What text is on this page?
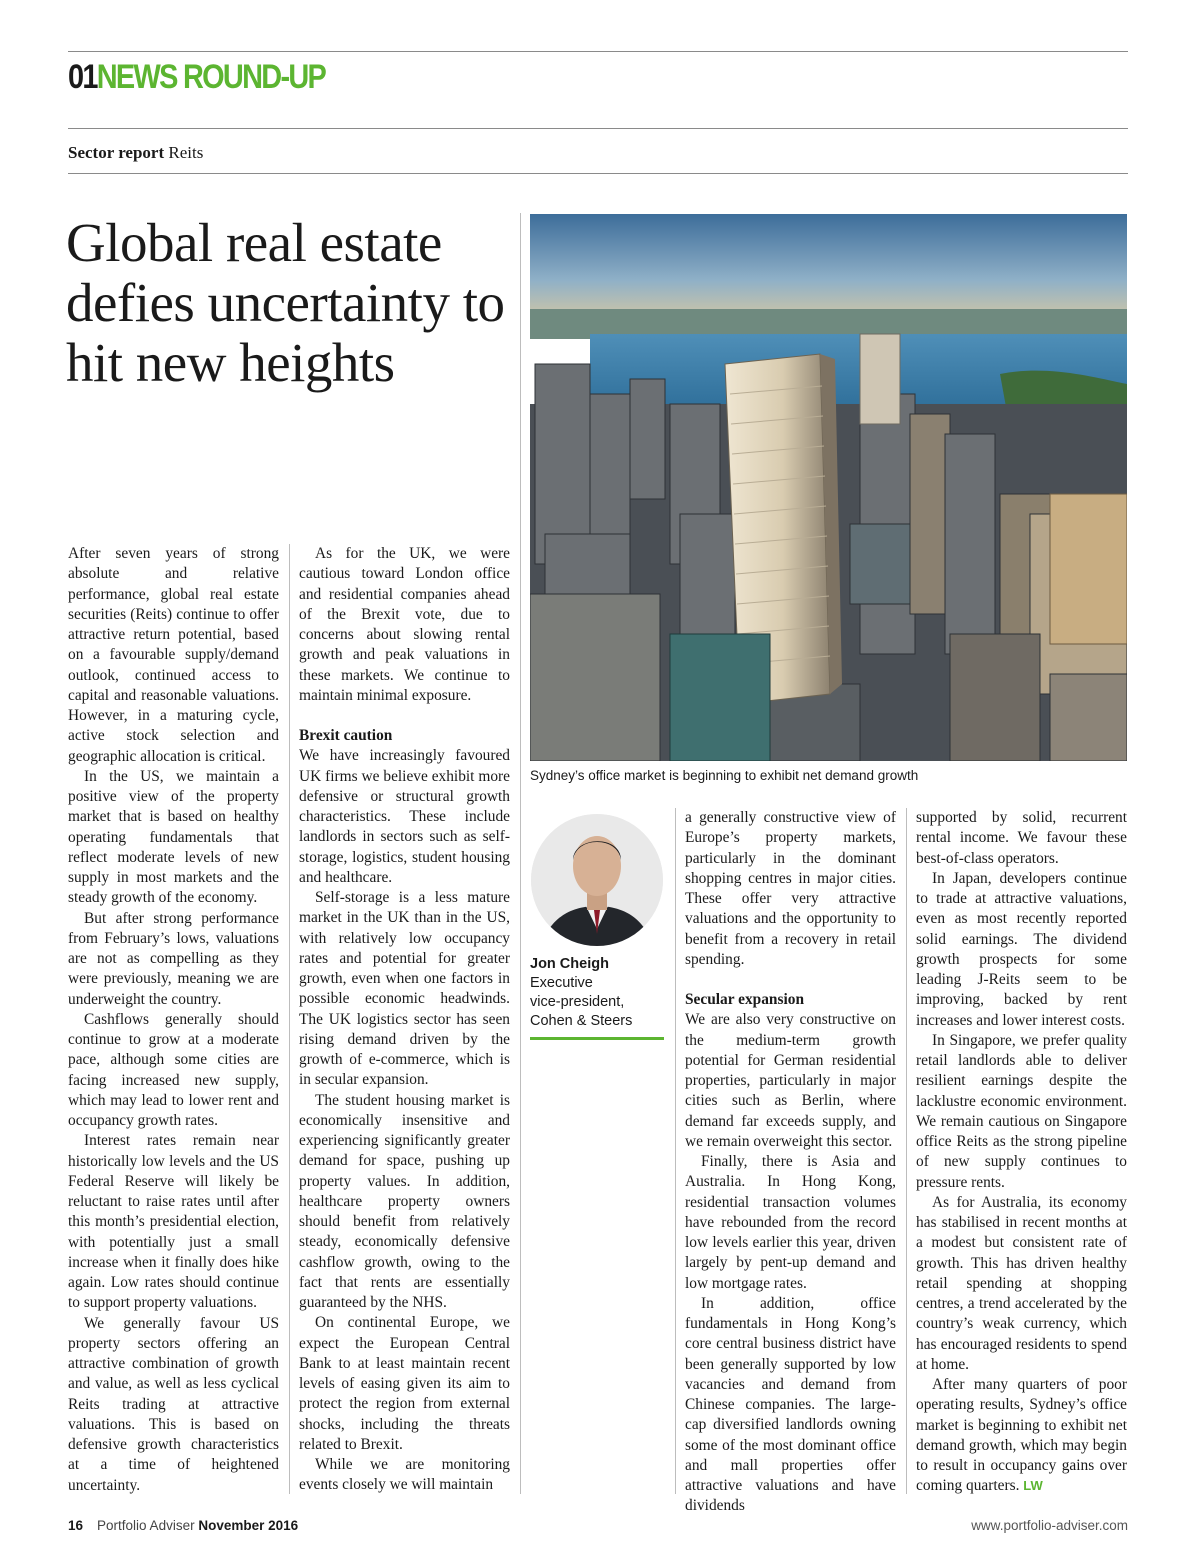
01NEWS ROUND-UP
Sector report Reits
Global real estate defies uncertainty to hit new heights
Sydney’s office market is beginning to exhibit net demand growth
Jon Cheigh
Executive
vice-president,
Cohen & Steers

After seven years of strong absolute and relative performance, global real estate securities (Reits) continue to offer attractive return potential, based on a favourable supply/demand outlook, continued access to capital and reasonable valuations. However, in a maturing cycle, active stock selection and geographic allocation is critical.

In the US, we maintain a positive view of the property market that is based on healthy operating fundamentals that reflect moderate levels of new supply in most markets and the steady growth of the economy.

But after strong performance from February’s lows, valuations are not as compelling as they were previously, meaning we are underweight the country.

Cashflows generally should continue to grow at a moderate pace, although some cities are facing increased new supply, which may lead to lower rent and occupancy growth rates.

Interest rates remain near historically low levels and the US Federal Reserve will likely be reluctant to raise rates until after this month’s presidential election, with potentially just a small increase when it finally does hike again. Low rates should continue to support property valuations.

We generally favour US property sectors offering an attractive combination of growth and value, as well as less cyclical Reits trading at attractive valuations. This is based on defensive growth characteristics at a time of heightened uncertainty.

As for the UK, we were cautious toward London office and residential companies ahead of the Brexit vote, due to concerns about slowing rental growth and peak valuations in these markets. We continue to maintain minimal exposure.

Brexit caution

We have increasingly favoured UK firms we believe exhibit more defensive or structural growth characteristics. These include landlords in sectors such as self-storage, logistics, student housing and healthcare.

Self-storage is a less mature market in the UK than in the US, with relatively low occupancy rates and potential for greater growth, even when one factors in possible economic headwinds. The UK logistics sector has seen rising demand driven by the growth of e-commerce, which is in secular expansion.

The student housing market is economically insensitive and experiencing significantly greater demand for space, pushing up property values. In addition, healthcare property owners should benefit from relatively steady, economically defensive cashflow growth, owing to the fact that rents are essentially guaranteed by the NHS.

On continental Europe, we expect the European Central Bank to at least maintain recent levels of easing given its aim to protect the region from external shocks, including the threats related to Brexit.

While we are monitoring events closely we will maintain

a generally constructive view of Europe’s property markets, particularly in the dominant shopping centres in major cities. These offer very attractive valuations and the opportunity to benefit from a recovery in retail spending.

Secular expansion

We are also very constructive on the medium-term growth potential for German residential properties, particularly in major cities such as Berlin, where demand far exceeds supply, and we remain overweight this sector.

Finally, there is Asia and Australia. In Hong Kong, residential transaction volumes have rebounded from the record low levels earlier this year, driven largely by pent-up demand and low mortgage rates.

In addition, office fundamentals in Hong Kong’s core central business district have been generally supported by low vacancies and demand from Chinese companies. The large-cap diversified landlords owning some of the most dominant office and mall properties offer attractive valuations and have dividends

supported by solid, recurrent rental income. We favour these best-of-class operators.

In Japan, developers continue to trade at attractive valuations, even as most recently reported solid earnings. The dividend growth prospects for some leading J-Reits seem to be improving, backed by rent increases and lower interest costs.

In Singapore, we prefer quality retail landlords able to deliver resilient earnings despite the lacklustre economic environment. We remain cautious on Singapore office Reits as the strong pipeline of new supply continues to pressure rents.

As for Australia, its economy has stabilised in recent months at a modest but consistent rate of growth. This has driven healthy retail spending at shopping centres, a trend accelerated by the country’s weak currency, which has encouraged residents to spend at home.

After many quarters of poor operating results, Sydney’s office market is beginning to exhibit net demand growth, which may begin to result in occupancy gains over coming quarters. LW

16 Portfolio Adviser November 2016	www.portfolio-adviser.com
